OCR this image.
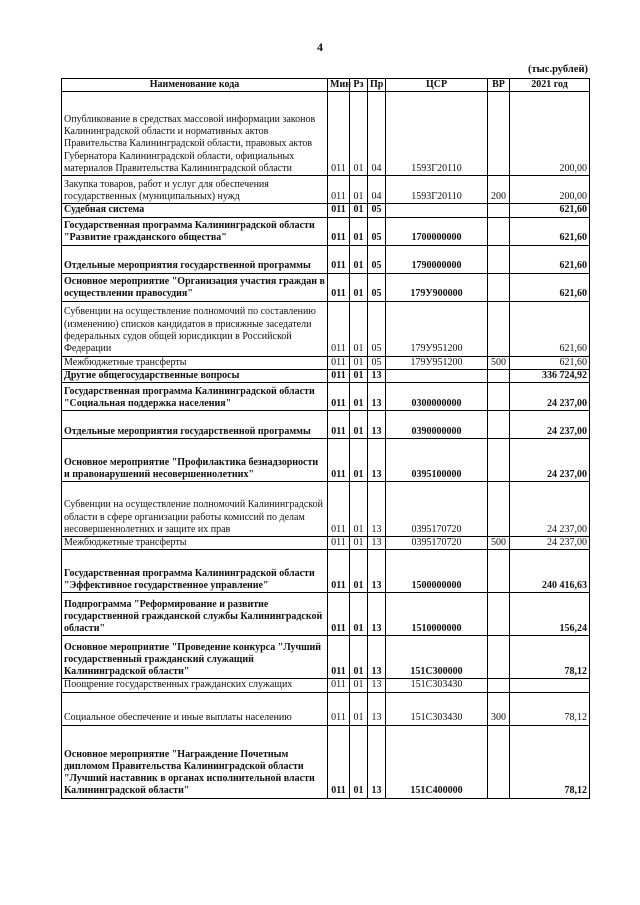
4
(тыс.рублей)
Наименование кода	Мин	Рз	Пр	ЦСР	ВР	2021 год
Опубликование в средствах массовой информации законов Калининградской области и нормативных актов Правительства Калининградской области, правовых актов Губернатора Калининградской области, официальных материалов Правительства Калининградской области	011	01	04	1593Г20110		200,00
Закупка товаров, работ и услуг для обеспечения государственных (муниципальных) нужд	011	01	04	1593Г20110	200	200,00
Судебная система	011	01	05			621,60
Государственная программа Калининградской области "Развитие гражданского общества"	011	01	05	1700000000		621,60
Отдельные мероприятия государственной программы	011	01	05	1790000000		621,60
Основное мероприятие "Организация участия граждан в осуществлении правосудия"	011	01	05	179У900000		621,60
Субвенции на осуществление полномочий по составлению (изменению) списков кандидатов в присяжные заседатели федеральных судов общей юрисдикции в Российской Федерации	011	01	05	179У951200		621,60
Межбюджетные трансферты	011	01	05	179У951200	500	621,60
Другие общегосударственные вопросы	011	01	13			336 724,92
Государственная программа Калининградской области "Социальная поддержка населения"	011	01	13	0300000000		24 237,00
Отдельные мероприятия государственной программы	011	01	13	0390000000		24 237,00
Основное мероприятие "Профилактика безнадзорности и правонарушений несовершеннолетних"	011	01	13	0395100000		24 237,00
Субвенции на осуществление полномочий Калининградской области в сфере организации работы комиссий по делам несовершеннолетних и защите их прав	011	01	13	0395170720		24 237,00
Межбюджетные трансферты	011	01	13	0395170720	500	24 237,00
Государственная программа Калининградской области "Эффективное государственное управление"	011	01	13	1500000000		240 416,63
Подпрограмма "Реформирование и развитие государственной гражданской службы Калининградской области"	011	01	13	1510000000		156,24
Основное мероприятие "Проведение конкурса "Лучший государственный гражданский служащий Калининградской области"	011	01	13	151С300000		78,12
Поощрение государственных гражданских служащих	011	01	13	151С303430		
Социальное обеспечение и иные выплаты населению	011	01	13	151С303430	300	78,12
Основное мероприятие "Награждение Почетным дипломом Правительства Калининградской области "Лучший наставник в органах исполнительной власти Калининградской области"	011	01	13	151С400000		78,12
